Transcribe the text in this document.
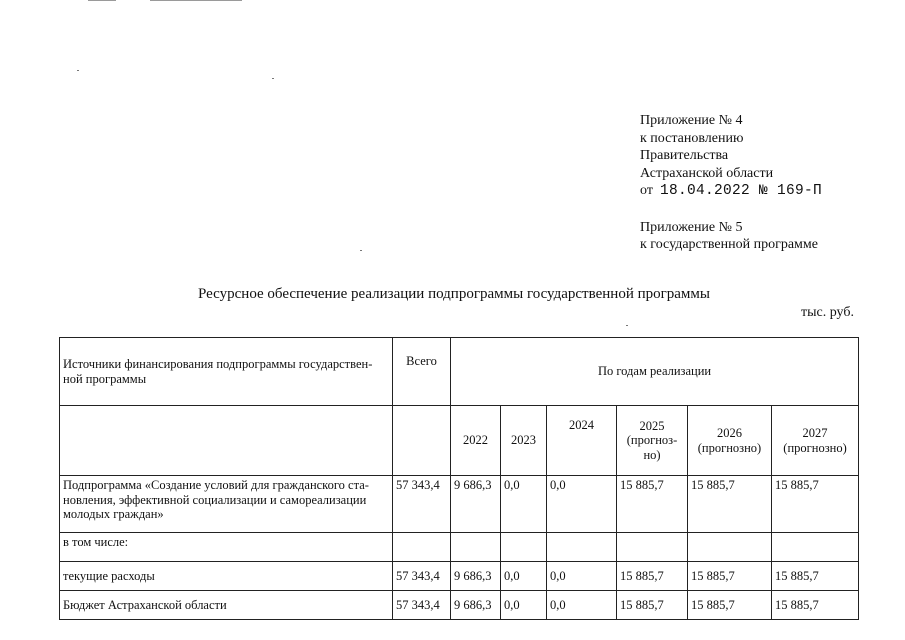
Приложение № 4
к постановлению
Правительства
Астраханской области
от 18.04.2022 № 169-П
Приложение № 5
к государственной программе
Ресурсное обеспечение реализации подпрограммы государственной программы
тыс. руб.
Источники финансирования подпрограммы государствен-ной программы	Всего	По годам реализации					
		2022	2023	2024	2025 (прогноз-но)	2026 (прогнозно)	2027 (прогнозно)
Подпрограмма «Создание условий для гражданского ста-новления, эффективной социализации и самореализации молодых граждан»	57 343,4	9 686,3	0,0	0,0	15 885,7	15 885,7	15 885,7
в том числе:							
текущие расходы	57 343,4	9 686,3	0,0	0,0	15 885,7	15 885,7	15 885,7
Бюджет Астраханской области	57 343,4	9 686,3	0,0	0,0	15 885,7	15 885,7	15 885,7
